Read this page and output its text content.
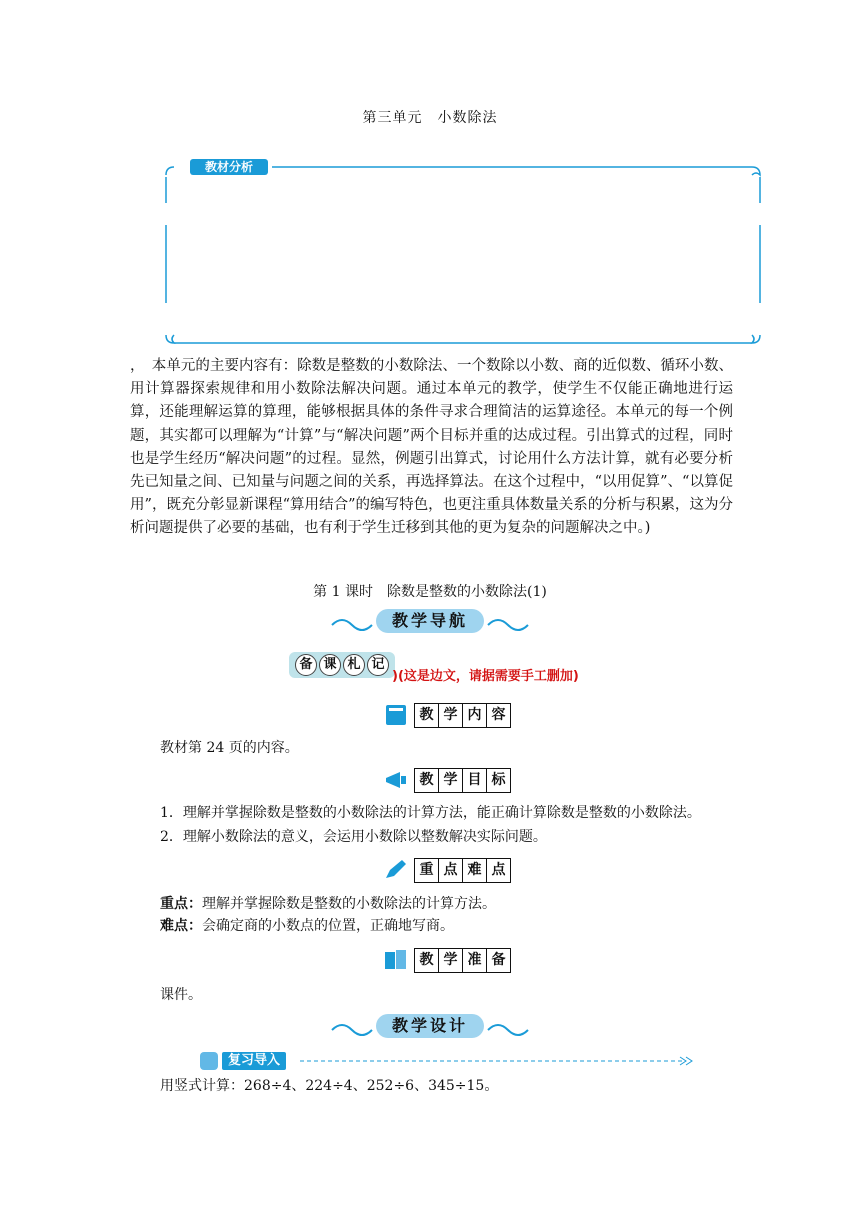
第三单元　小数除法
教材分析
，　本单元的主要内容有：除数是整数的小数除法、一个数除以小数、商的近似数、循环小数、用计算器探索规律和用小数除法解决问题。通过本单元的教学，使学生不仅能正确地进行运算，还能理解运算的算理，能够根据具体的条件寻求合理简洁的运算途径。本单元的每一个例题，其实都可以理解为“计算”与“解决问题”两个目标并重的达成过程。引出算式的过程，同时也是学生经历“解决问题”的过程。显然，例题引出算式，讨论用什么方法计算，就有必要分析先已知量之间、已知量与问题之间的关系，再选择算法。在这个过程中，“以用促算”、“以算促用”，既充分彰显新课程“算用结合”的编写特色，也更注重具体数量关系的分析与积累，这为分析问题提供了必要的基础，也有利于学生迁移到其他的更为复杂的问题解决之中。)
第 1 课时　除数是整数的小数除法(1)
教学导航
备 课 札 记
)(这是边文，请据需要手工删加)
教 学 内 容
教材第 24 页的内容。
教 学 目 标
1．理解并掌握除数是整数的小数除法的计算方法，能正确计算除数是整数的小数除法。
2．理解小数除法的意义，会运用小数除以整数解决实际问题。
重 点 难 点
重点：理解并掌握除数是整数的小数除法的计算方法。
难点：会确定商的小数点的位置，正确地写商。
教 学 准 备
课件。
教学设计
复习导入
用竖式计算：268÷4、224÷4、252÷6、345÷15。
